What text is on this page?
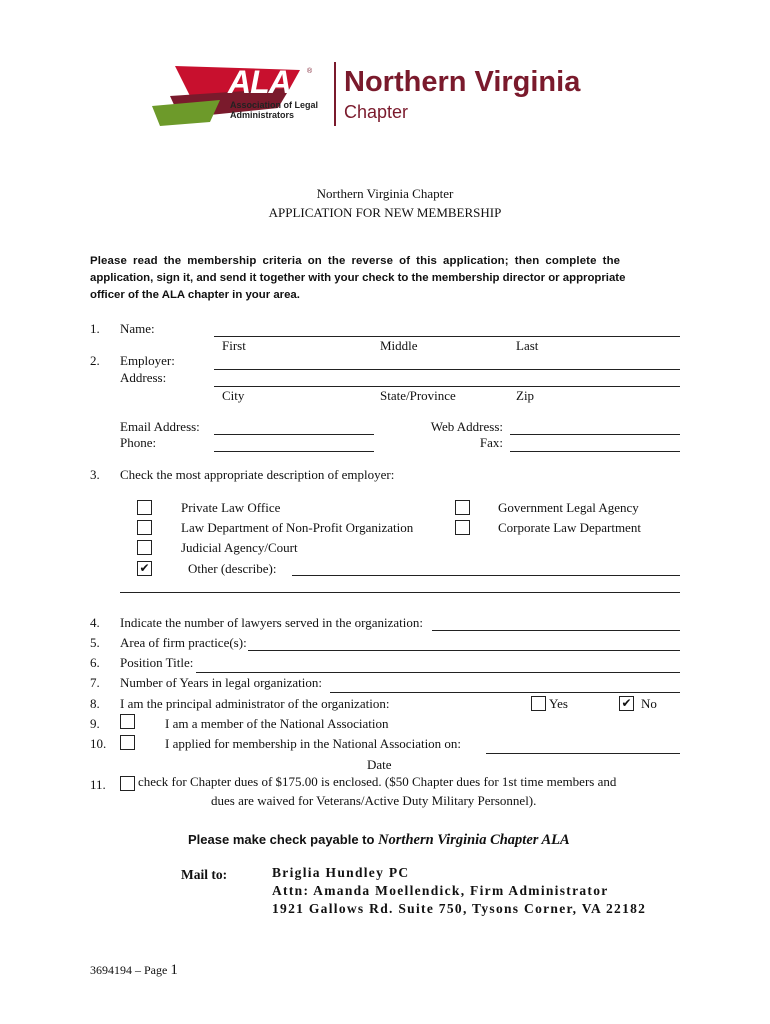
ALA ®
Association of Legal
Administrators
Northern Virginia
Chapter
Northern Virginia Chapter
APPLICATION FOR NEW MEMBERSHIP
Please read the membership criteria on the reverse of this application; then complete the
application, sign it, and send it together with your check to the membership director or appropriate
officer of the ALA chapter in your area.
1. Name:
First	Middle	Last
2. Employer:
Address:
City	State/Province	Zip
Email Address:
Phone:
Web Address:
Fax:
3. Check the most appropriate description of employer:
Private Law Office
Law Department of Non-Profit Organization
Judicial Agency/Court
✔	Other (describe):
Government Legal Agency
Corporate Law Department
4. Indicate the number of lawyers served in the organization:
5. Area of firm practice(s):
6. Position Title:
7. Number of Years in legal organization:
8. I am the principal administrator of the organization:	Yes	✔ No
9.	I am a member of the National Association
10.	I applied for membership in the National Association on:
Date
11. check for Chapter dues of $175.00 is enclosed. ($50 Chapter dues for 1st time members and
dues are waived for Veterans/Active Duty Military Personnel).
Please make check payable to Northern Virginia Chapter ALA
Mail to:	Briglia Hundley PC
Attn: Amanda Moellendick, Firm Administrator
1921 Gallows Rd. Suite 750, Tysons Corner, VA 22182
3694194 – Page 1
